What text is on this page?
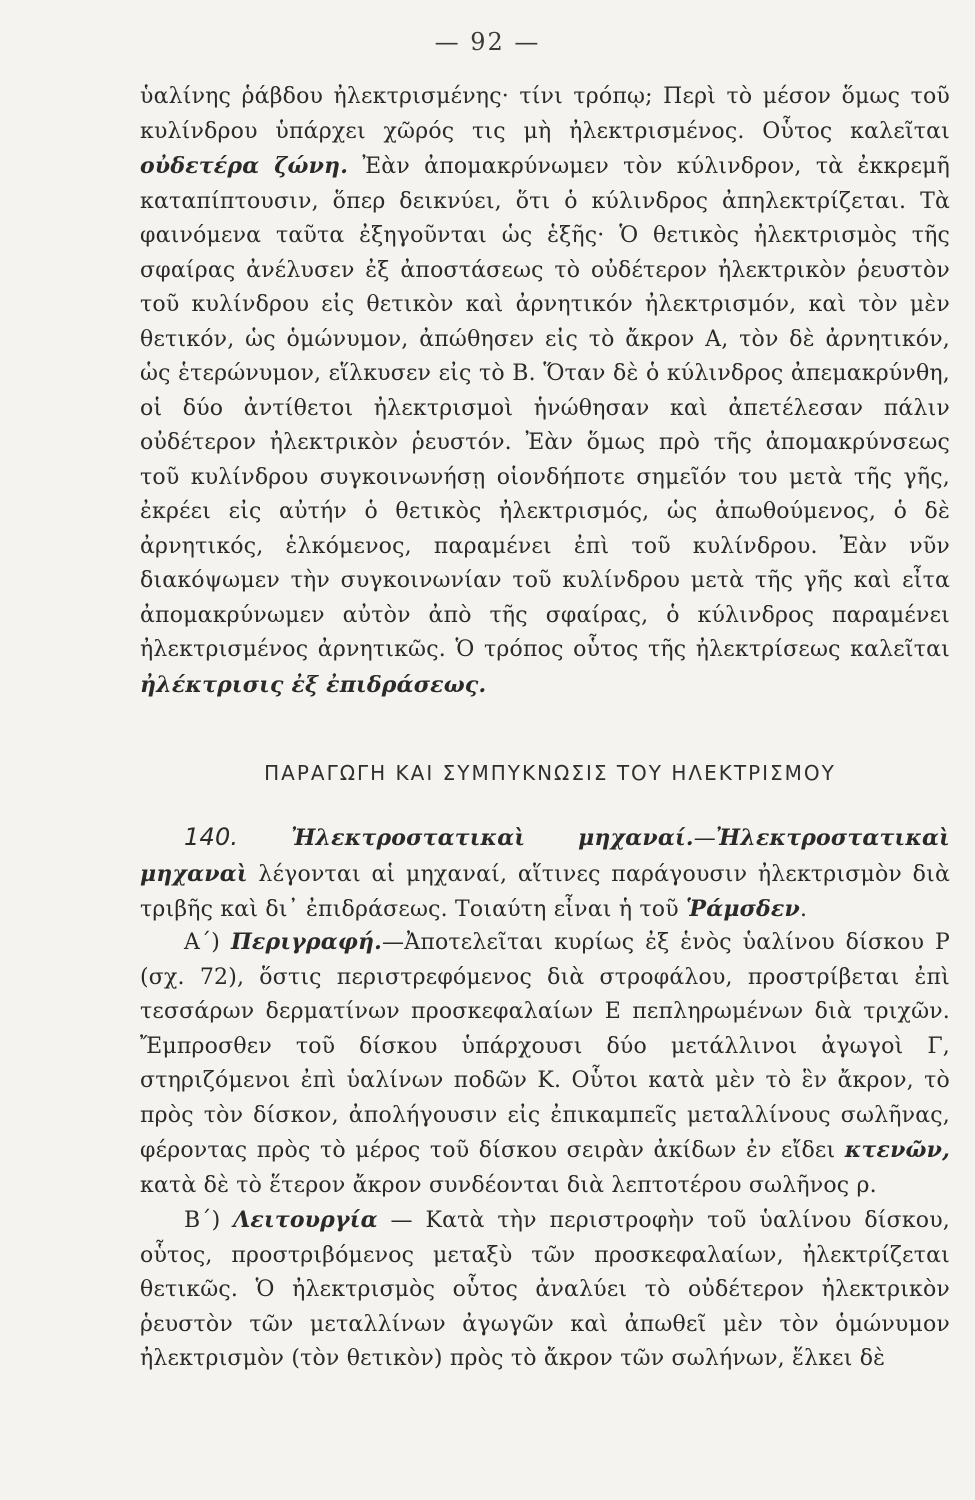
— 92 —
ὑαλίνης ῥάβδου ἠλεκτρισμένης· τίνι τρόπῳ; Περὶ τὸ μέσον ὅμως τοῦ κυλίνδρου ὑπάρχει χῶρός τις μὴ ἠλεκτρισμένος. Οὗτος καλεῖται οὐδετέρα ζώνη. Ἐὰν ἀπομακρύνωμεν τὸν κύλινδρον, τὰ ἐκκρεμῆ καταπίπτουσιν, ὅπερ δεικνύει, ὅτι ὁ κύλινδρος ἀπηλεκτρίζεται. Τὰ φαινόμενα ταῦτα ἐξηγοῦνται ὡς ἑξῆς· Ὁ θετικὸς ἠλεκτρισμὸς τῆς σφαίρας ἀνέλυσεν ἐξ ἀποστάσεως τὸ οὐδέτερον ἠλεκτρικὸν ῥευστὸν τοῦ κυλίνδρου εἰς θετικὸν καὶ ἀρνητικόν ἠλεκτρισμόν, καὶ τὸν μὲν θετικόν, ὡς ὁμώνυμον, ἀπώθησεν εἰς τὸ ἄκρον Α, τὸν δὲ ἀρνητικόν, ὡς ἑτερώνυμον, εἵλκυσεν εἰς τὸ Β. Ὅταν δὲ ὁ κύλινδρος ἀπεμακρύνθη, οἱ δύο ἀντίθετοι ἠλεκτρισμοὶ ἡνώθησαν καὶ ἀπετέλεσαν πάλιν οὐδέτερον ἠλεκτρικὸν ῥευστόν. Ἐὰν ὅμως πρὸ τῆς ἀπομακρύνσεως τοῦ κυλίνδρου συγκοινωνήσῃ οἱονδήποτε σημεῖόν του μετὰ τῆς γῆς, ἐκρέει εἰς αὐτήν ὁ θετικὸς ἠλεκτρισμός, ὡς ἀπωθούμενος, ὁ δὲ ἀρνητικός, ἑλκόμενος, παραμένει ἐπὶ τοῦ κυλίνδρου. Ἐὰν νῦν διακόψωμεν τὴν συγκοινωνίαν τοῦ κυλίνδρου μετὰ τῆς γῆς καὶ εἶτα ἀπομακρύνωμεν αὐτὸν ἀπὸ τῆς σφαίρας, ὁ κύλινδρος παραμένει ἠλεκτρισμένος ἀρνητικῶς. Ὁ τρόπος οὗτος τῆς ἠλεκτρίσεως καλεῖται ἠλέκτρισις ἐξ ἐπιδράσεως.
ΠΑΡΑΓΩΓΗ ΚΑΙ ΣΥΜΠΥΚΝΩΣΙΣ ΤΟΥ ΗΛΕΚΤΡΙΣΜΟΥ
140. Ἠλεκτροστατικαὶ μηχαναί.—Ἠλεκτροστατικαὶ μηχαναὶ λέγονται αἱ μηχαναί, αἵτινες παράγουσιν ἠλεκτρισμὸν διὰ τριβῆς καὶ δι᾽ ἐπιδράσεως. Τοιαύτη εἶναι ἡ τοῦ Ῥάμσδεν.
Α΄) Περιγραφή.—Ἀποτελεῖται κυρίως ἐξ ἑνὸς ὑαλίνου δίσκου Ρ (σχ. 72), ὅστις περιστρεφόμενος διὰ στροφάλου, προστρίβεται ἐπὶ τεσσάρων δερματίνων προσκεφαλαίων Ε πεπληρωμένων διὰ τριχῶν. Ἔμπροσθεν τοῦ δίσκου ὑπάρχουσι δύο μετάλλινοι ἀγωγοὶ Γ, στηριζόμενοι ἐπὶ ὑαλίνων ποδῶν Κ. Οὗτοι κατὰ μὲν τὸ ἓν ἄκρον, τὸ πρὸς τὸν δίσκον, ἀπολήγουσιν εἰς ἐπικαμπεῖς μεταλλίνους σωλῆνας, φέροντας πρὸς τὸ μέρος τοῦ δίσκου σειρὰν ἀκίδων ἐν εἴδει κτενῶν, κατὰ δὲ τὸ ἕτερον ἄκρον συνδέονται διὰ λεπτοτέρου σωλῆνος ρ.
Β΄) Λειτουργία — Κατὰ τὴν περιστροφὴν τοῦ ὑαλίνου δίσκου, οὗτος, προστριβόμενος μεταξὺ τῶν προσκεφαλαίων, ἠλεκτρίζεται θετικῶς. Ὁ ἠλεκτρισμὸς οὗτος ἀναλύει τὸ οὐδέτερον ἠλεκτρικὸν ῥευστὸν τῶν μεταλλίνων ἀγωγῶν καὶ ἀπωθεῖ μὲν τὸν ὁμώνυμον ἠλεκτρισμὸν (τὸν θετικὸν) πρὸς τὸ ἄκρον τῶν σωλήνων, ἕλκει δὲ
